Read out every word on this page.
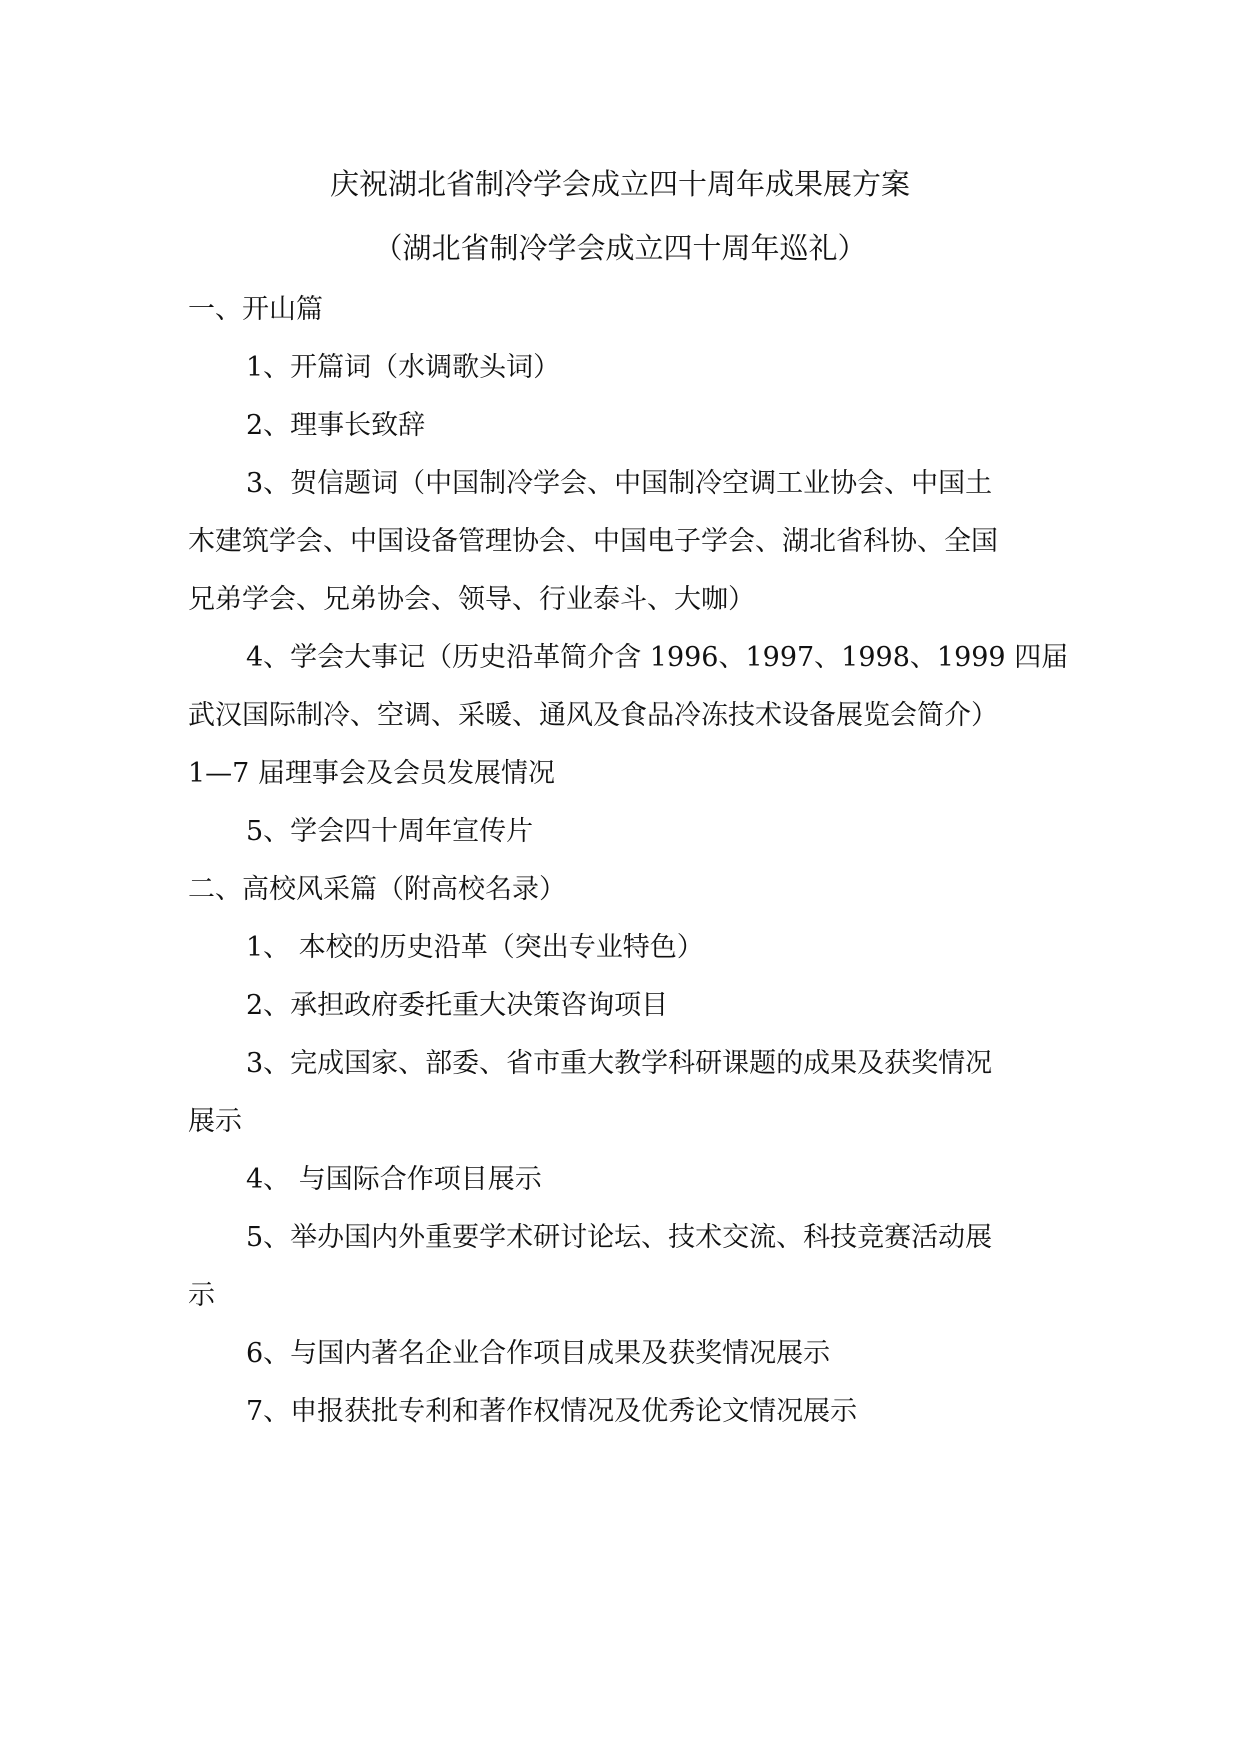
庆祝湖北省制冷学会成立四十周年成果展方案
（湖北省制冷学会成立四十周年巡礼）
一、开山篇
1、开篇词（水调歌头词）
2、理事长致辞
3、贺信题词（中国制冷学会、中国制冷空调工业协会、中国土
木建筑学会、中国设备管理协会、中国电子学会、湖北省科协、全国
兄弟学会、兄弟协会、领导、行业泰斗、大咖）
4、学会大事记（历史沿革简介含 1996、1997、1998、1999 四届
武汉国际制冷、空调、采暖、通风及食品冷冻技术设备展览会简介）
1—7 届理事会及会员发展情况
5、学会四十周年宣传片
二、高校风采篇（附高校名录）
1、 本校的历史沿革（突出专业特色）
2、承担政府委托重大决策咨询项目
3、完成国家、部委、省市重大教学科研课题的成果及获奖情况
展示
4、 与国际合作项目展示
5、举办国内外重要学术研讨论坛、技术交流、科技竞赛活动展
示
6、与国内著名企业合作项目成果及获奖情况展示
7、申报获批专利和著作权情况及优秀论文情况展示
